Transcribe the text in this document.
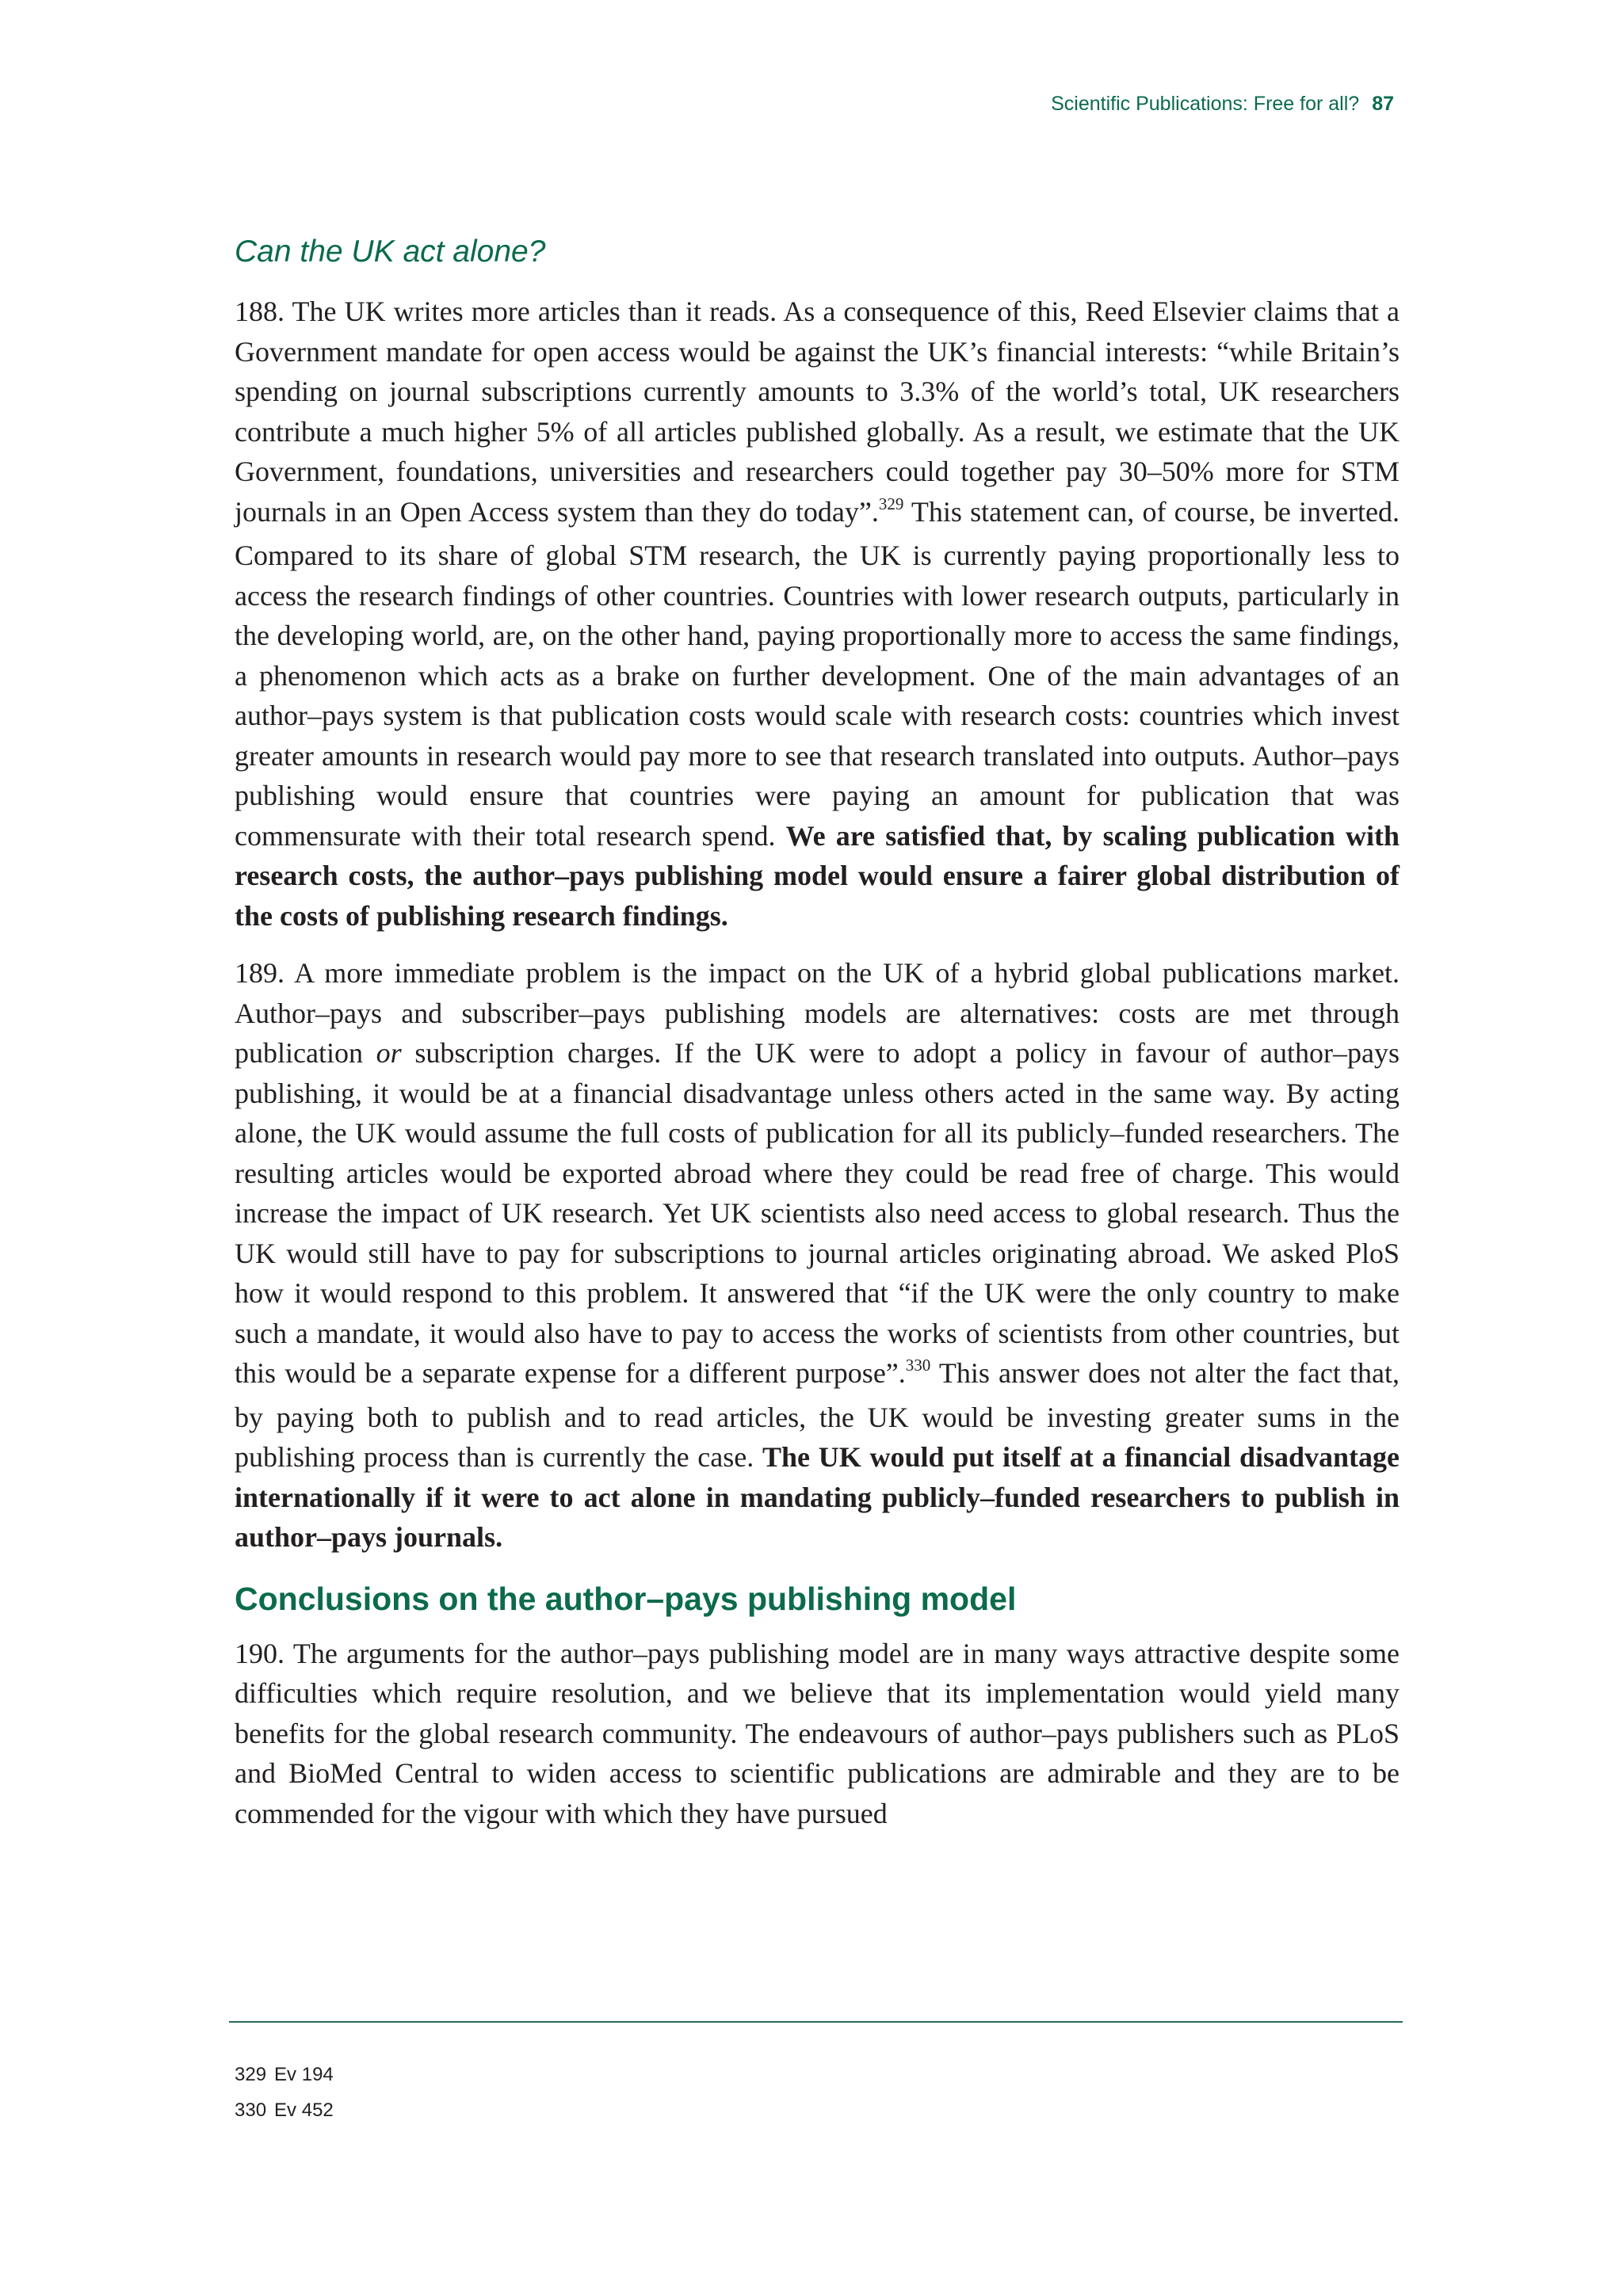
Scientific Publications: Free for all? 87
Can the UK act alone?

188. The UK writes more articles than it reads. As a consequence of this, Reed Elsevier claims that a Government mandate for open access would be against the UK’s financial interests: “while Britain’s spending on journal subscriptions currently amounts to 3.3% of the world’s total, UK researchers contribute a much higher 5% of all articles published globally. As a result, we estimate that the UK Government, foundations, universities and researchers could together pay 30–50% more for STM journals in an Open Access system than they do today”.$^{329}$ This statement can, of course, be inverted. Compared to its share of global STM research, the UK is currently paying proportionally less to access the research findings of other countries. Countries with lower research outputs, particularly in the developing world, are, on the other hand, paying proportionally more to access the same findings, a phenomenon which acts as a brake on further development. One of the main advantages of an author–pays system is that publication costs would scale with research costs: countries which invest greater amounts in research would pay more to see that research translated into outputs. Author–pays publishing would ensure that countries were paying an amount for publication that was commensurate with their total research spend. We are satisfied that, by scaling publication with research costs, the author–pays publishing model would ensure a fairer global distribution of the costs of publishing research findings.

189. A more immediate problem is the impact on the UK of a hybrid global publications market. Author–pays and subscriber–pays publishing models are alternatives: costs are met through publication or subscription charges. If the UK were to adopt a policy in favour of author–pays publishing, it would be at a financial disadvantage unless others acted in the same way. By acting alone, the UK would assume the full costs of publication for all its publicly–funded researchers. The resulting articles would be exported abroad where they could be read free of charge. This would increase the impact of UK research. Yet UK scientists also need access to global research. Thus the UK would still have to pay for subscriptions to journal articles originating abroad. We asked PloS how it would respond to this problem. It answered that “if the UK were the only country to make such a mandate, it would also have to pay to access the works of scientists from other countries, but this would be a separate expense for a different purpose”.$^{330}$ This answer does not alter the fact that, by paying both to publish and to read articles, the UK would be investing greater sums in the publishing process than is currently the case. The UK would put itself at a financial disadvantage internationally if it were to act alone in mandating publicly–funded researchers to publish in author–pays journals.

Conclusions on the author–pays publishing model

190. The arguments for the author–pays publishing model are in many ways attractive despite some difficulties which require resolution, and we believe that its implementation would yield many benefits for the global research community. The endeavours of author–pays publishers such as PLoS and BioMed Central to widen access to scientific publications are admirable and they are to be commended for the vigour with which they have pursued

329 Ev 194
330 Ev 452
